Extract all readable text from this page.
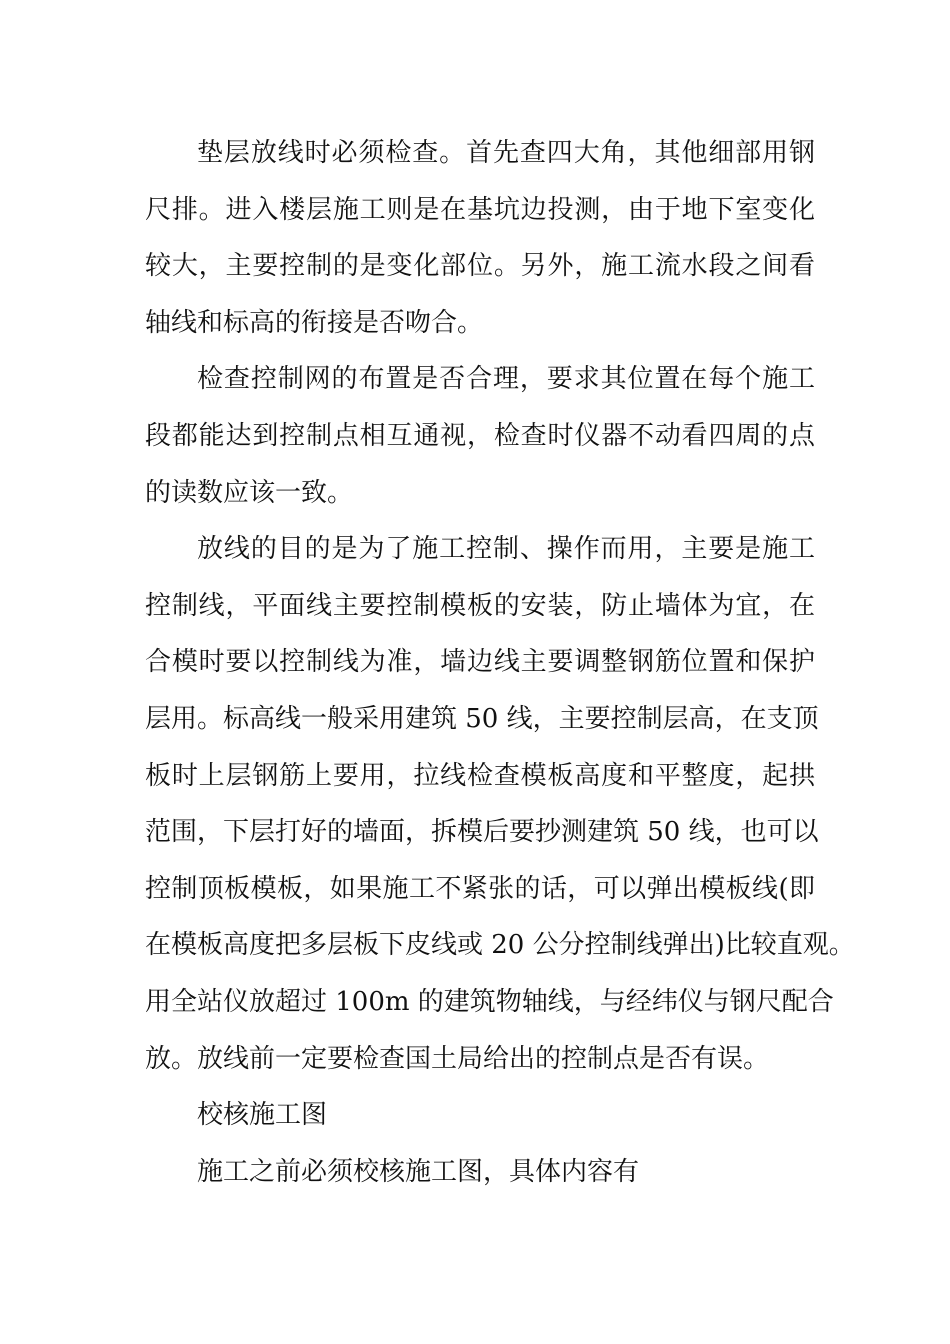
垫层放线时必须检查。首先查四大角，其他细部用钢
尺排。进入楼层施工则是在基坑边投测，由于地下室变化
较大，主要控制的是变化部位。另外，施工流水段之间看
轴线和标高的衔接是否吻合。
检查控制网的布置是否合理，要求其位置在每个施工
段都能达到控制点相互通视，检查时仪器不动看四周的点
的读数应该一致。
放线的目的是为了施工控制、操作而用，主要是施工
控制线，平面线主要控制模板的安装，防止墙体为宜，在
合模时要以控制线为准，墙边线主要调整钢筋位置和保护
层用。标高线一般采用建筑 50 线，主要控制层高，在支顶
板时上层钢筋上要用，拉线检查模板高度和平整度，起拱
范围，下层打好的墙面，拆模后要抄测建筑 50 线，也可以
控制顶板模板，如果施工不紧张的话，可以弹出模板线(即
在模板高度把多层板下皮线或 20 公分控制线弹出)比较直观。
用全站仪放超过 100m 的建筑物轴线，与经纬仪与钢尺配合
放。放线前一定要检查国土局给出的控制点是否有误。
校核施工图
施工之前必须校核施工图，具体内容有
